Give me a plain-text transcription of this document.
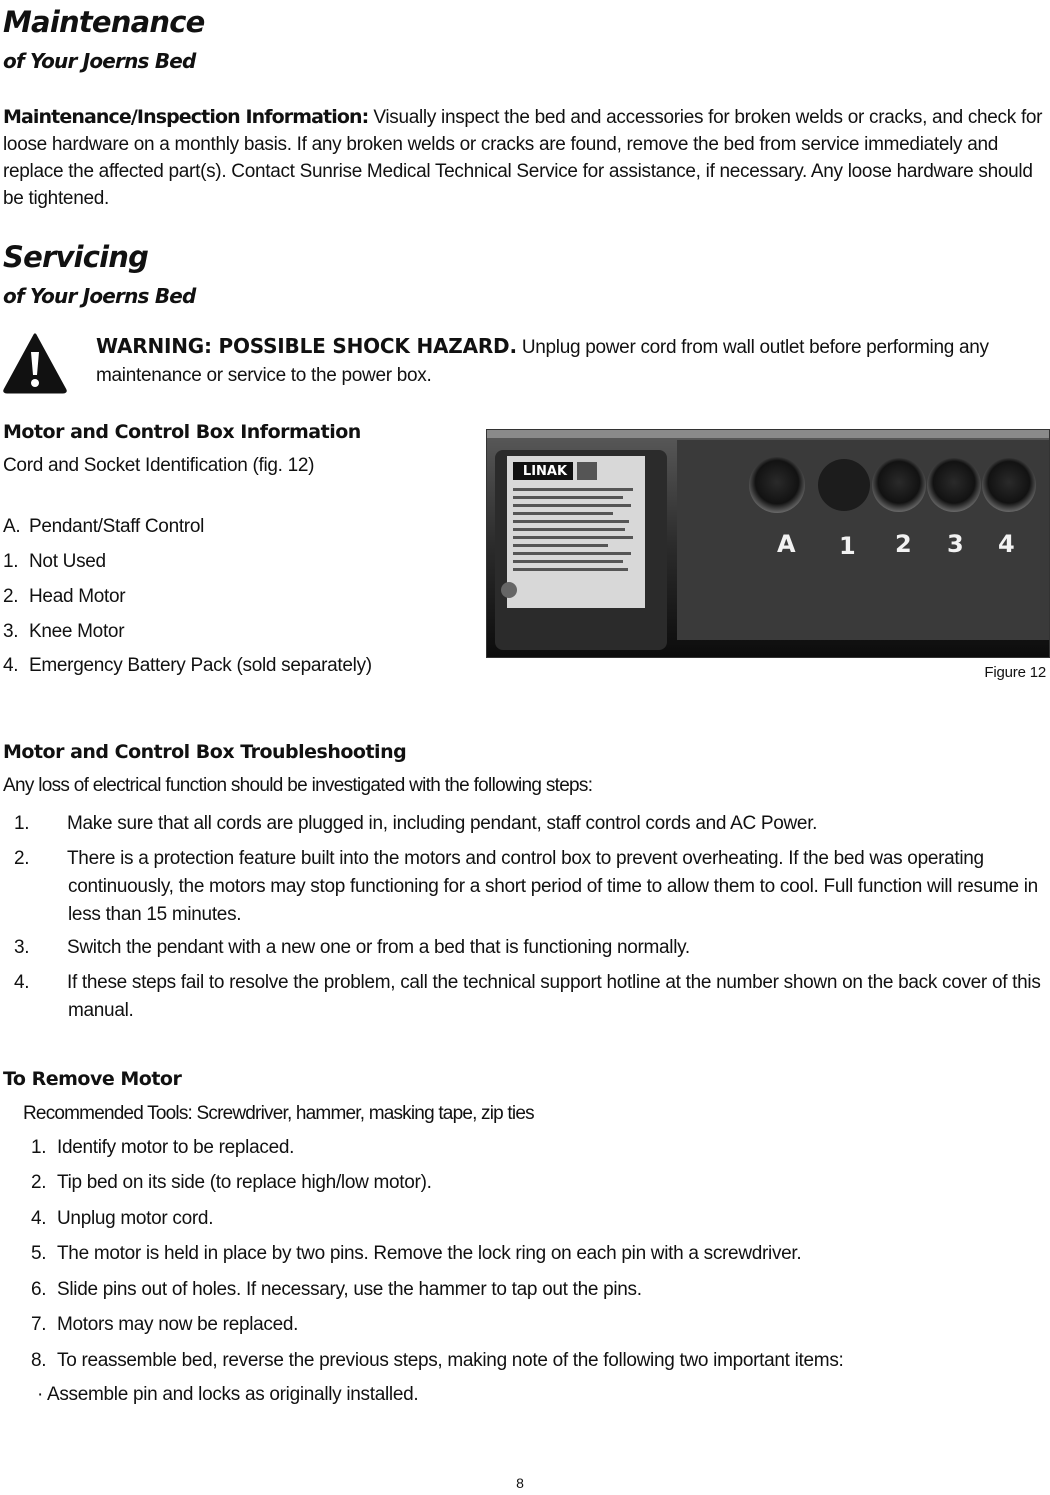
Maintenance
of Your Joerns Bed
Maintenance/Inspection Information: Visually inspect the bed and accessories for broken welds or cracks, and check for loose hardware on a monthly basis. If any broken welds or cracks are found, remove the bed from service immediately and replace the affected part(s). Contact Sunrise Medical Technical Service for assistance, if necessary. Any loose hardware should be tightened.
Servicing
of Your Joerns Bed
WARNING: POSSIBLE SHOCK HAZARD. Unplug power cord from wall outlet before performing any maintenance or service to the power box.
Motor and Control Box Information
Cord and Socket Identification (fig. 12)
A. Pendant/Staff Control
1. Not Used
2. Head Motor
3. Knee Motor
4. Emergency Battery Pack (sold separately)
LINAK
A 1 2 3 4
Figure 12
Motor and Control Box Troubleshooting
Any loss of electrical function should be investigated with the following steps:
1. Make sure that all cords are plugged in, including pendant, staff control cords and AC Power.
2. There is a protection feature built into the motors and control box to prevent overheating. If the bed was operating continuously, the motors may stop functioning for a short period of time to allow them to cool. Full function will resume in less than 15 minutes.
3. Switch the pendant with a new one or from a bed that is functioning normally.
4. If these steps fail to resolve the problem, call the technical support hotline at the number shown on the back cover of this manual.
To Remove Motor
Recommended Tools: Screwdriver, hammer, masking tape, zip ties
1. Identify motor to be replaced.
2. Tip bed on its side (to replace high/low motor).
4. Unplug motor cord.
5. The motor is held in place by two pins. Remove the lock ring on each pin with a screwdriver.
6. Slide pins out of holes. If necessary, use the hammer to tap out the pins.
7. Motors may now be replaced.
8. To reassemble bed, reverse the previous steps, making note of the following two important items:
· Assemble pin and locks as originally installed.
8
